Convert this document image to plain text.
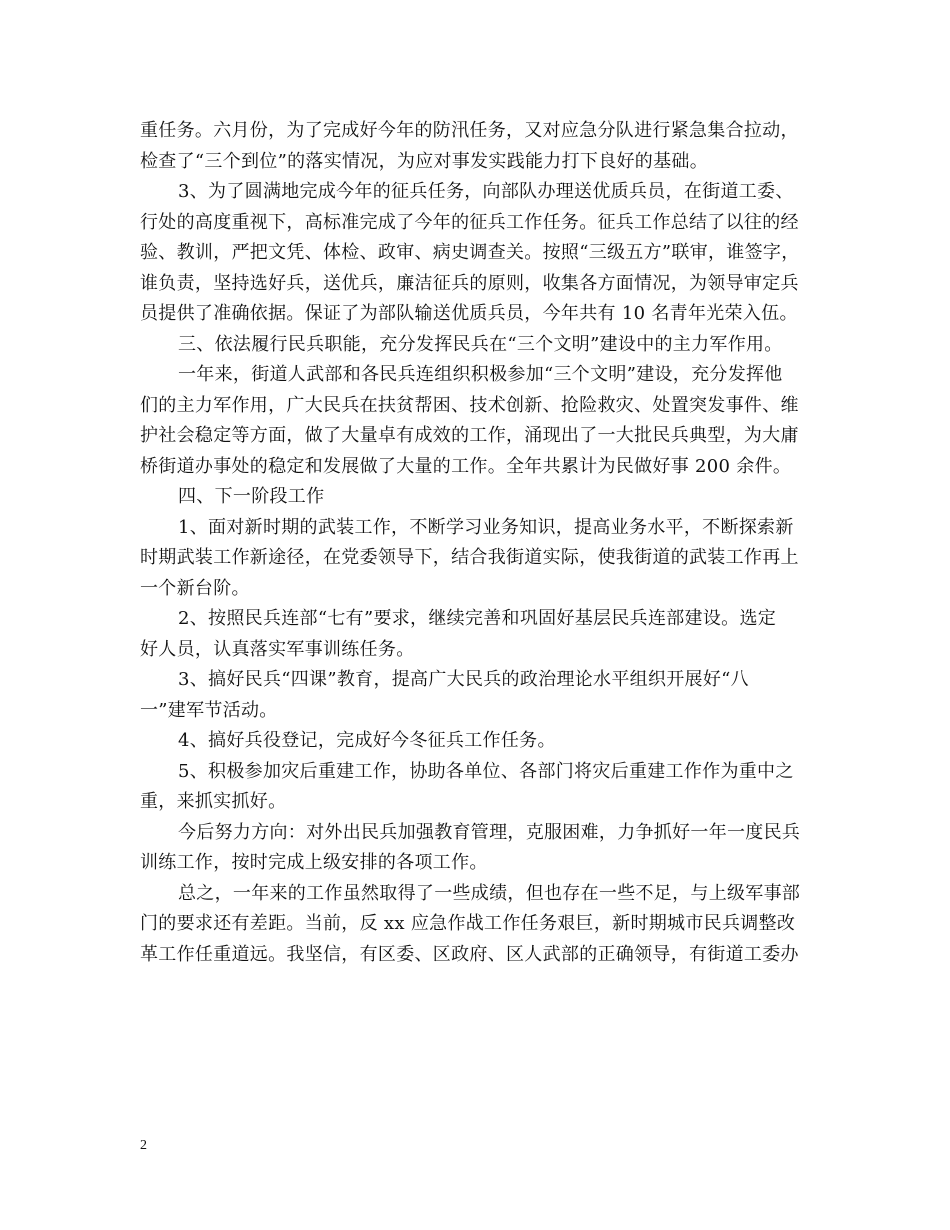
重任务。六月份，为了完成好今年的防汛任务，又对应急分队进行紧急集合拉动，
检查了“三个到位”的落实情况，为应对事发实践能力打下良好的基础。
3、为了圆满地完成今年的征兵任务，向部队办理送优质兵员，在街道工委、
行处的高度重视下，高标准完成了今年的征兵工作任务。征兵工作总结了以往的经
验、教训，严把文凭、体检、政审、病史调查关。按照“三级五方”联审，谁签字，
谁负责，坚持选好兵，送优兵，廉洁征兵的原则，收集各方面情况，为领导审定兵
员提供了准确依据。保证了为部队输送优质兵员，今年共有 10 名青年光荣入伍。
三、依法履行民兵职能，充分发挥民兵在“三个文明”建设中的主力军作用。
一年来，街道人武部和各民兵连组织积极参加“三个文明”建设，充分发挥他
们的主力军作用，广大民兵在扶贫帮困、技术创新、抢险救灾、处置突发事件、维
护社会稳定等方面，做了大量卓有成效的工作，涌现出了一大批民兵典型，为大庸
桥街道办事处的稳定和发展做了大量的工作。全年共累计为民做好事 200 余件。
四、下一阶段工作
1、面对新时期的武装工作，不断学习业务知识，提高业务水平，不断探索新
时期武装工作新途径，在党委领导下，结合我街道实际，使我街道的武装工作再上
一个新台阶。
2、按照民兵连部“七有”要求，继续完善和巩固好基层民兵连部建设。选定
好人员，认真落实军事训练任务。
3、搞好民兵“四课”教育，提高广大民兵的政治理论水平组织开展好“八
一”建军节活动。
4、搞好兵役登记，完成好今冬征兵工作任务。
5、积极参加灾后重建工作，协助各单位、各部门将灾后重建工作作为重中之
重，来抓实抓好。
今后努力方向：对外出民兵加强教育管理，克服困难，力争抓好一年一度民兵
训练工作，按时完成上级安排的各项工作。
总之，一年来的工作虽然取得了一些成绩，但也存在一些不足，与上级军事部
门的要求还有差距。当前，反 xx 应急作战工作任务艰巨，新时期城市民兵调整改
革工作任重道远。我坚信，有区委、区政府、区人武部的正确领导，有街道工委办
2
